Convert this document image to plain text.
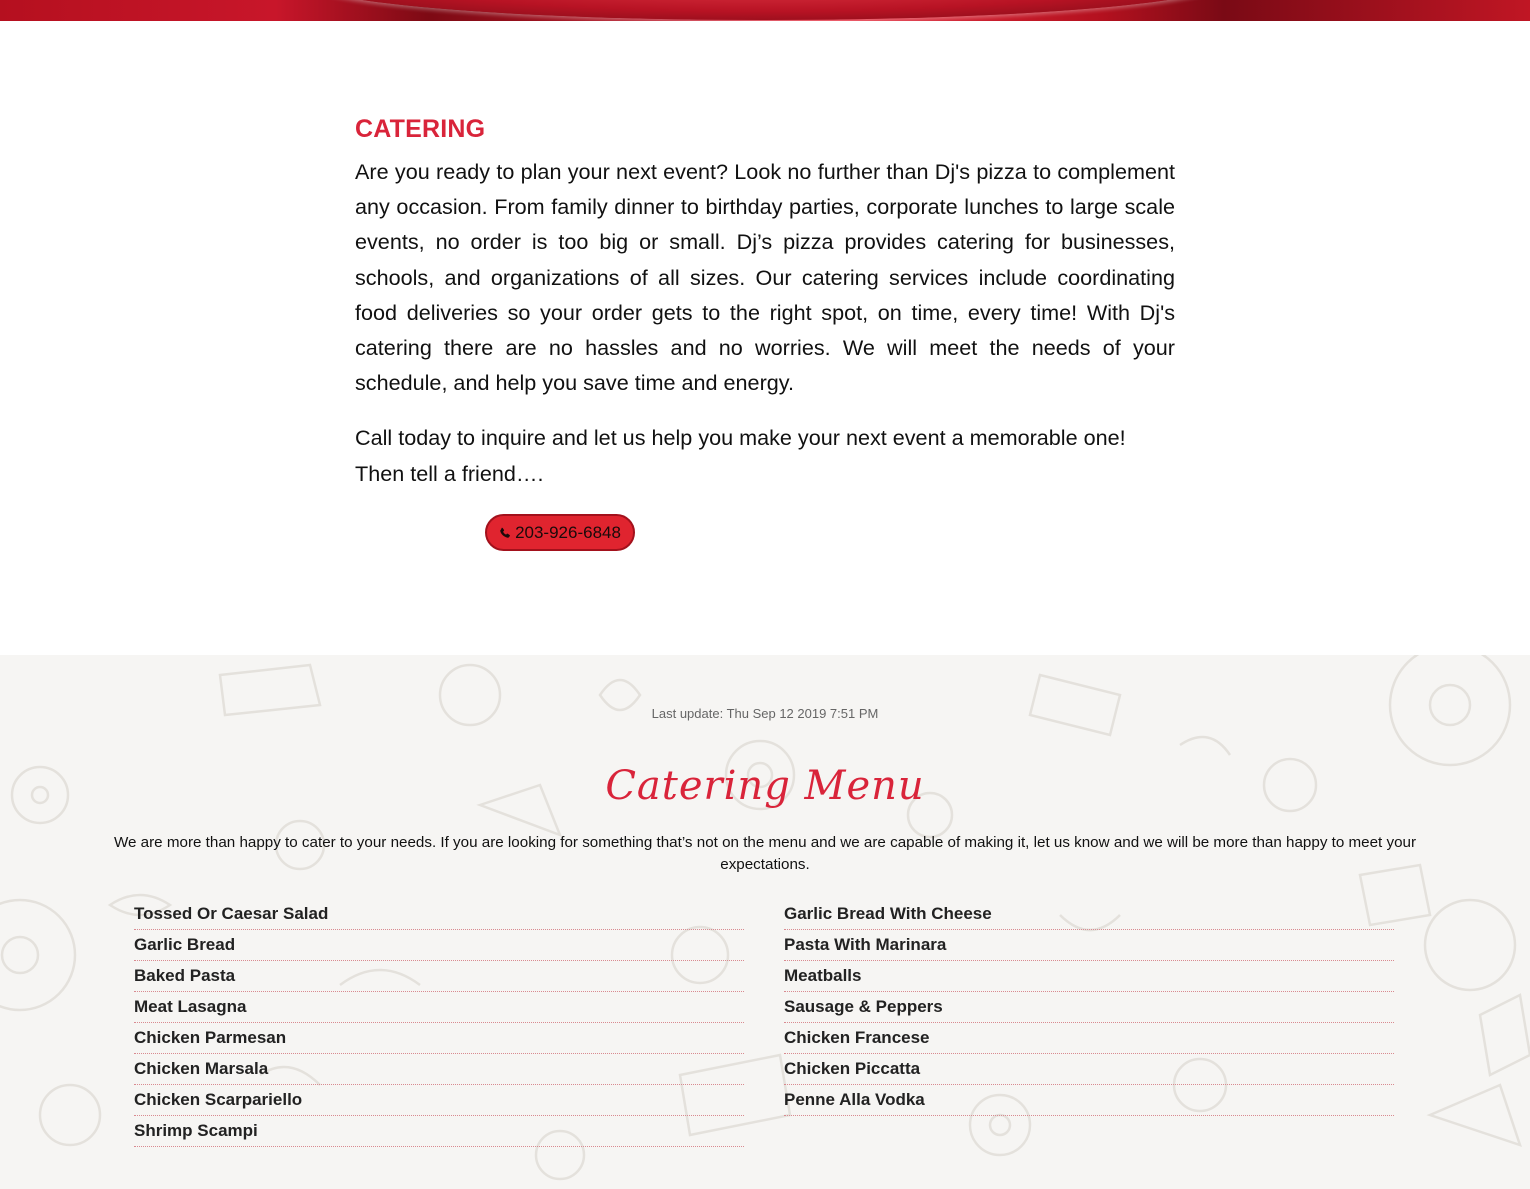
CATERING

Are you ready to plan your next event? Look no further than Dj's pizza to complement any occasion. From family dinner to birthday parties, corporate lunches to large scale events, no order is too big or small. Dj’s pizza provides catering for businesses, schools, and organizations of all sizes. Our catering services include coordinating food deliveries so your order gets to the right spot, on time, every time! With Dj's catering there are no hassles and no worries. We will meet the needs of your schedule, and help you save time and energy.

Call today to inquire and let us help you make your next event a memorable one! Then tell a friend….

203-926-6848
Last update: Thu Sep 12 2019 7:51 PM
Catering Menu
We are more than happy to cater to your needs. If you are looking for something that’s not on the menu and we are capable of making it, let us know and we will be more than happy to meet your expectations.
Tossed Or Caesar Salad
Garlic Bread
Baked Pasta
Meat Lasagna
Chicken Parmesan
Chicken Marsala
Chicken Scarpariello
Shrimp Scampi
Garlic Bread With Cheese
Pasta With Marinara
Meatballs
Sausage & Peppers
Chicken Francese
Chicken Piccatta
Penne Alla Vodka
